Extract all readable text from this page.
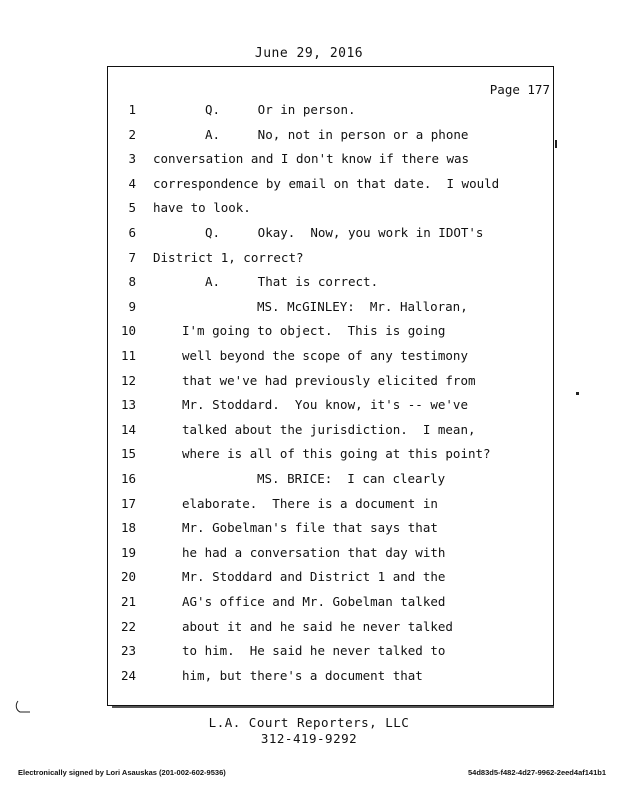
June 29, 2016
Page 177
1	Q.     Or in person.
2	A.     No, not in person or a phone
3 conversation and I don't know if there was
4 correspondence by email on that date.  I would
5 have to look.
6	Q.     Okay.  Now, you work in IDOT's
7 District 1, correct?
8	A.     That is correct.
9	MS. McGINLEY:  Mr. Halloran,
10	I'm going to object.  This is going
11	well beyond the scope of any testimony
12	that we've had previously elicited from
13	Mr. Stoddard.  You know, it's -- we've
14	talked about the jurisdiction.  I mean,
15	where is all of this going at this point?
16	MS. BRICE:  I can clearly
17	elaborate.  There is a document in
18	Mr. Gobelman's file that says that
19	he had a conversation that day with
20	Mr. Stoddard and District 1 and the
21	AG's office and Mr. Gobelman talked
22	about it and he said he never talked
23	to him.  He said he never talked to
24	him, but there's a document that
L.A. Court Reporters, LLC
312-419-9292
Electronically signed by Lori Asauskas (201-002-602-9536)	54d83d5-f482-4d27-9962-2eed4af141b1
